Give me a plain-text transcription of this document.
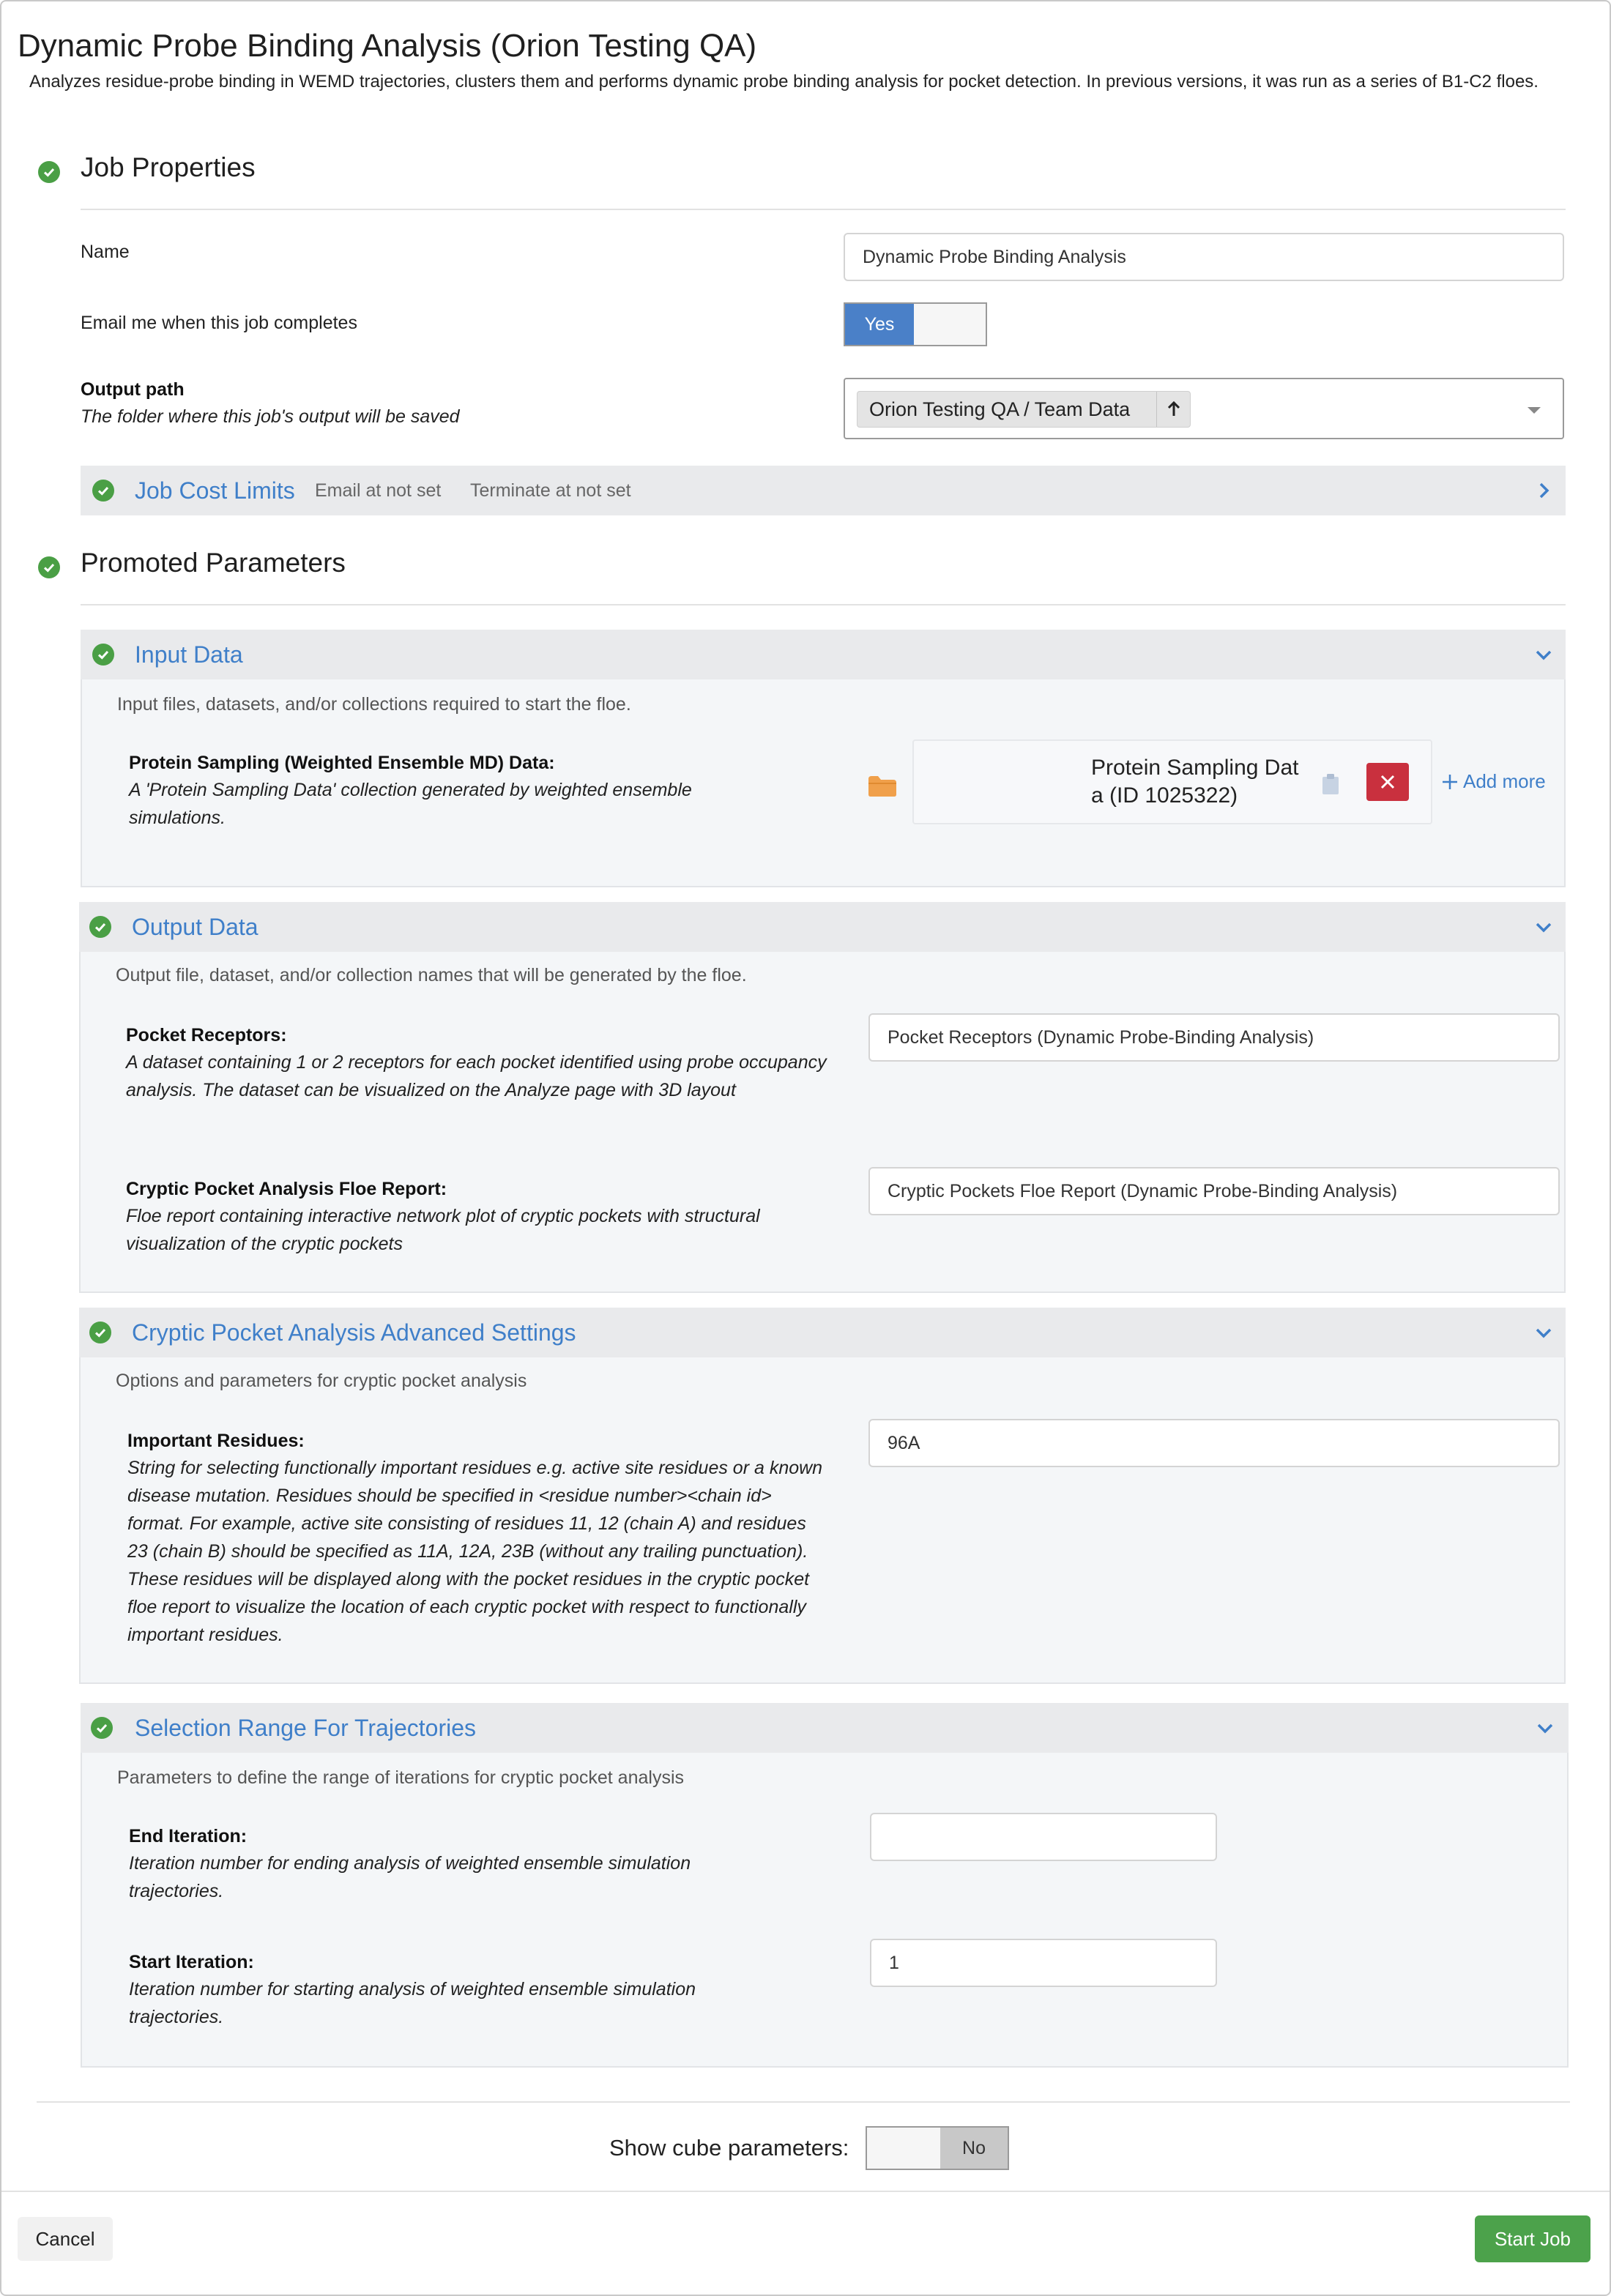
Dynamic Probe Binding Analysis (Orion Testing QA)
Analyzes residue-probe binding in WEMD trajectories, clusters them and performs dynamic probe binding analysis for pocket detection. In previous versions, it was run as a series of B1-C2 floes.
Job Properties
Name	Dynamic Probe Binding Analysis
Email me when this job completes	Yes
Output path
The folder where this job's output will be saved	Orion Testing QA / Team Data
Job Cost Limits Email at not set Terminate at not set
Promoted Parameters
Input Data
Input files, datasets, and/or collections required to start the floe.
Protein Sampling (Weighted Ensemble MD) Data:
A 'Protein Sampling Data' collection generated by weighted ensemble simulations.
Protein Sampling Dat
a (ID 1025322)
Add more
Output Data
Output file, dataset, and/or collection names that will be generated by the floe.
Pocket Receptors:
A dataset containing 1 or 2 receptors for each pocket identified using probe occupancy analysis. The dataset can be visualized on the Analyze page with 3D layout
Pocket Receptors (Dynamic Probe-Binding Analysis)
Cryptic Pocket Analysis Floe Report:
Floe report containing interactive network plot of cryptic pockets with structural visualization of the cryptic pockets
Cryptic Pockets Floe Report (Dynamic Probe-Binding Analysis)
Cryptic Pocket Analysis Advanced Settings
Options and parameters for cryptic pocket analysis
Important Residues:
String for selecting functionally important residues e.g. active site residues or a known disease mutation. Residues should be specified in <residue number><chain id> format. For example, active site consisting of residues 11, 12 (chain A) and residues 23 (chain B) should be specified as 11A, 12A, 23B (without any trailing punctuation). These residues will be displayed along with the pocket residues in the cryptic pocket floe report to visualize the location of each cryptic pocket with respect to functionally important residues.
96A
Selection Range For Trajectories
Parameters to define the range of iterations for cryptic pocket analysis
End Iteration:
Iteration number for ending analysis of weighted ensemble simulation trajectories.
Start Iteration:
Iteration number for starting analysis of weighted ensemble simulation trajectories.
1
Show cube parameters:	No
Cancel	Start Job
